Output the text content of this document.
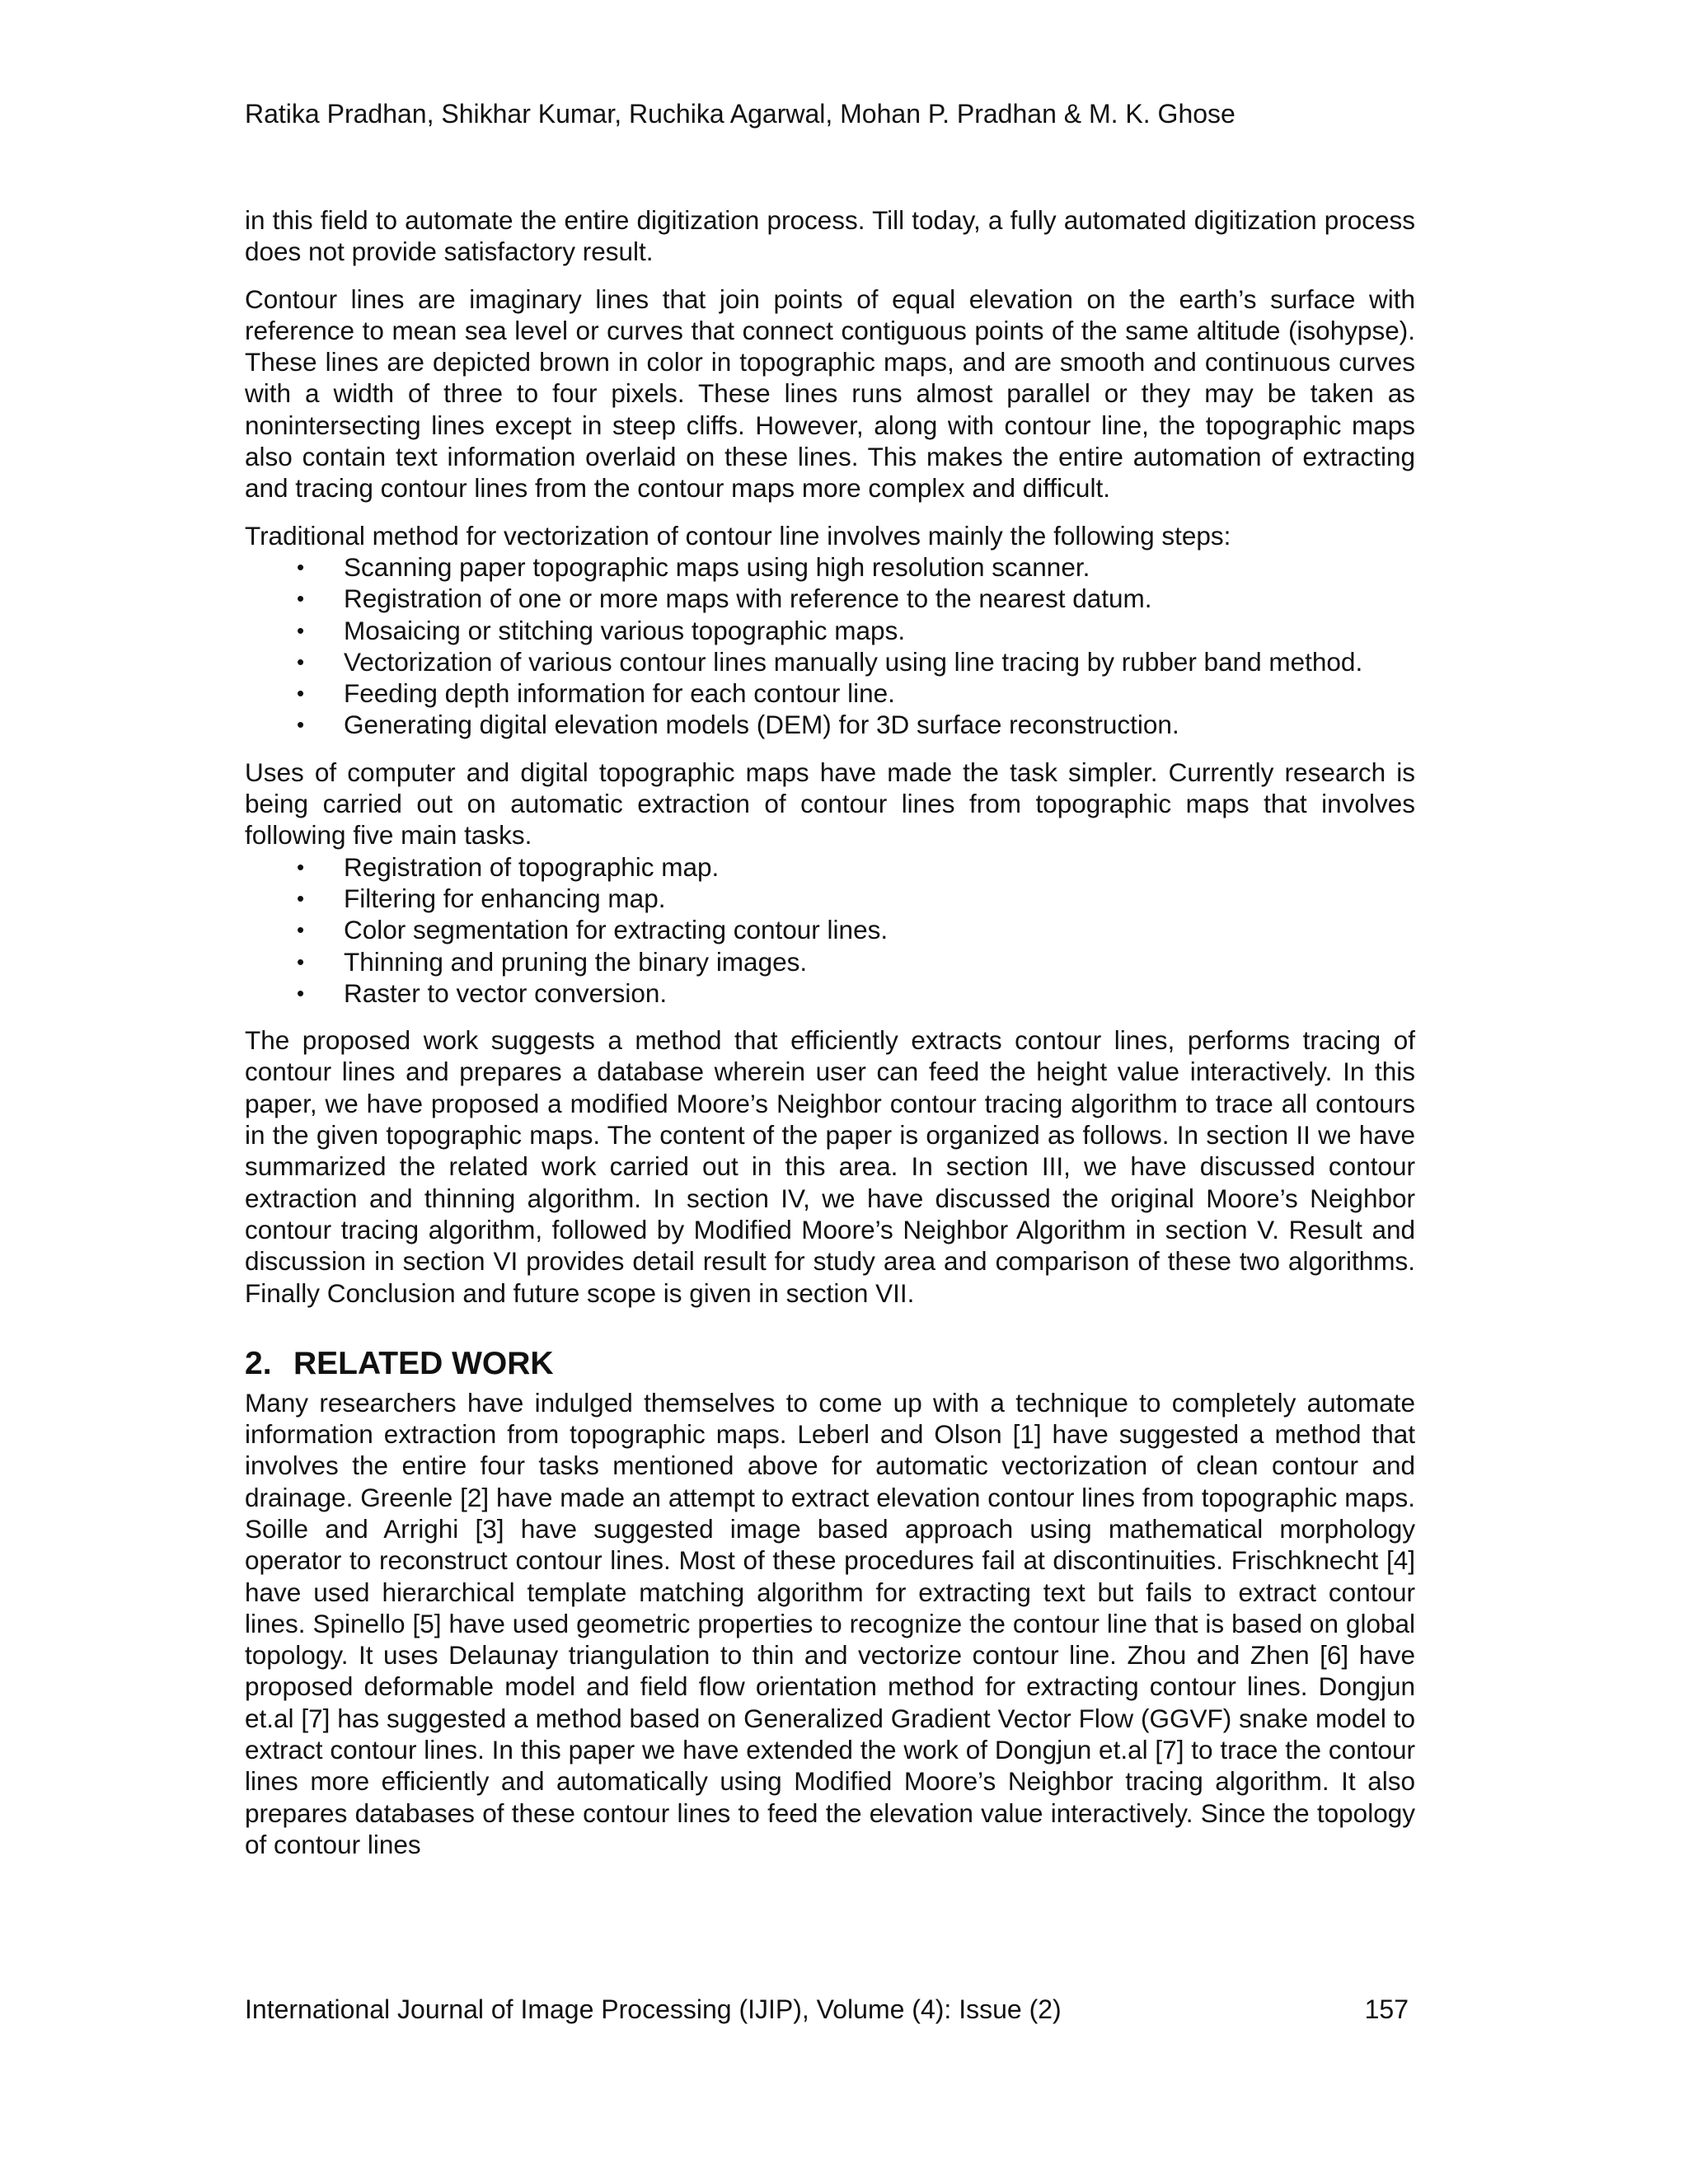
Ratika Pradhan, Shikhar Kumar, Ruchika Agarwal, Mohan P. Pradhan & M. K. Ghose

in this field to automate the entire digitization process. Till today, a fully automated digitization process does not provide satisfactory result.

Contour lines are imaginary lines that join points of equal elevation on the earth’s surface with reference to mean sea level or curves that connect contiguous points of the same altitude (isohypse). These lines are depicted brown in color in topographic maps, and are smooth and continuous curves with a width of three to four pixels. These lines runs almost parallel or they may be taken as nonintersecting lines except in steep cliffs. However, along with contour line, the topographic maps also contain text information overlaid on these lines. This makes the entire automation of extracting and tracing contour lines from the contour maps more complex and difficult.

Traditional method for vectorization of contour line involves mainly the following steps:

• Scanning paper topographic maps using high resolution scanner.
• Registration of one or more maps with reference to the nearest datum.
• Mosaicing or stitching various topographic maps.
• Vectorization of various contour lines manually using line tracing by rubber band method.
• Feeding depth information for each contour line.
• Generating digital elevation models (DEM) for 3D surface reconstruction.

Uses of computer and digital topographic maps have made the task simpler. Currently research is being carried out on automatic extraction of contour lines from topographic maps that involves following five main tasks.

• Registration of topographic map.
• Filtering for enhancing map.
• Color segmentation for extracting contour lines.
• Thinning and pruning the binary images.
• Raster to vector conversion.

The proposed work suggests a method that efficiently extracts contour lines, performs tracing of contour lines and prepares a database wherein user can feed the height value interactively. In this paper, we have proposed a modified Moore’s Neighbor contour tracing algorithm to trace all contours in the given topographic maps. The content of the paper is organized as follows. In section II we have summarized the related work carried out in this area. In section III, we have discussed contour extraction and thinning algorithm. In section IV, we have discussed the original Moore’s Neighbor contour tracing algorithm, followed by Modified Moore’s Neighbor Algorithm in section V. Result and discussion in section VI provides detail result for study area and comparison of these two algorithms. Finally Conclusion and future scope is given in section VII.

2. RELATED WORK

Many researchers have indulged themselves to come up with a technique to completely automate information extraction from topographic maps. Leberl and Olson [1] have suggested a method that involves the entire four tasks mentioned above for automatic vectorization of clean contour and drainage. Greenle [2] have made an attempt to extract elevation contour lines from topographic maps. Soille and Arrighi [3] have suggested image based approach using mathematical morphology operator to reconstruct contour lines. Most of these procedures fail at discontinuities. Frischknecht [4] have used hierarchical template matching algorithm for extracting text but fails to extract contour lines. Spinello [5] have used geometric properties to recognize the contour line that is based on global topology. It uses Delaunay triangulation to thin and vectorize contour line. Zhou and Zhen [6] have proposed deformable model and field flow orientation method for extracting contour lines. Dongjun et.al [7] has suggested a method based on Generalized Gradient Vector Flow (GGVF) snake model to extract contour lines. In this paper we have extended the work of Dongjun et.al [7] to trace the contour lines more efficiently and automatically using Modified Moore’s Neighbor tracing algorithm. It also prepares databases of these contour lines to feed the elevation value interactively. Since the topology of contour lines

International Journal of Image Processing (IJIP), Volume (4): Issue (2)	157
